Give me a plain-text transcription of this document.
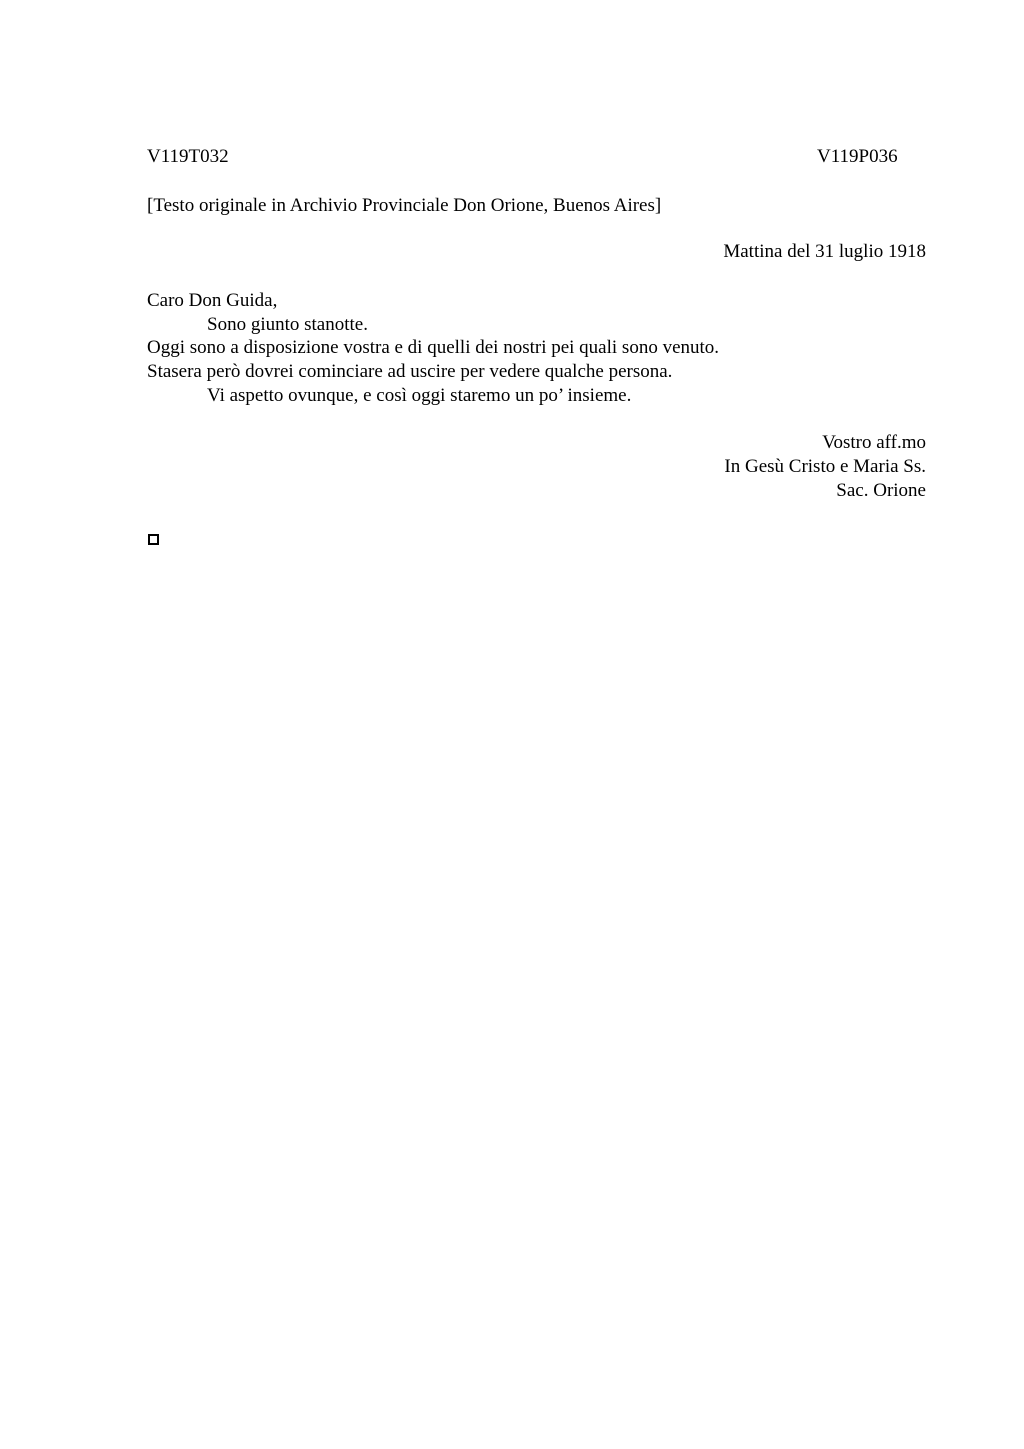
V119T032	V119P036
[Testo originale in Archivio Provinciale Don Orione, Buenos Aires]
Mattina del 31 luglio 1918
Caro Don Guida,
Sono giunto stanotte.
Oggi sono a disposizione vostra e di quelli dei nostri pei quali sono venuto.
Stasera però dovrei cominciare ad uscire per vedere qualche persona.
Vi aspetto ovunque, e così oggi staremo un po’ insieme.
Vostro aff.mo
In Gesù Cristo e Maria Ss.
Sac. Orione
